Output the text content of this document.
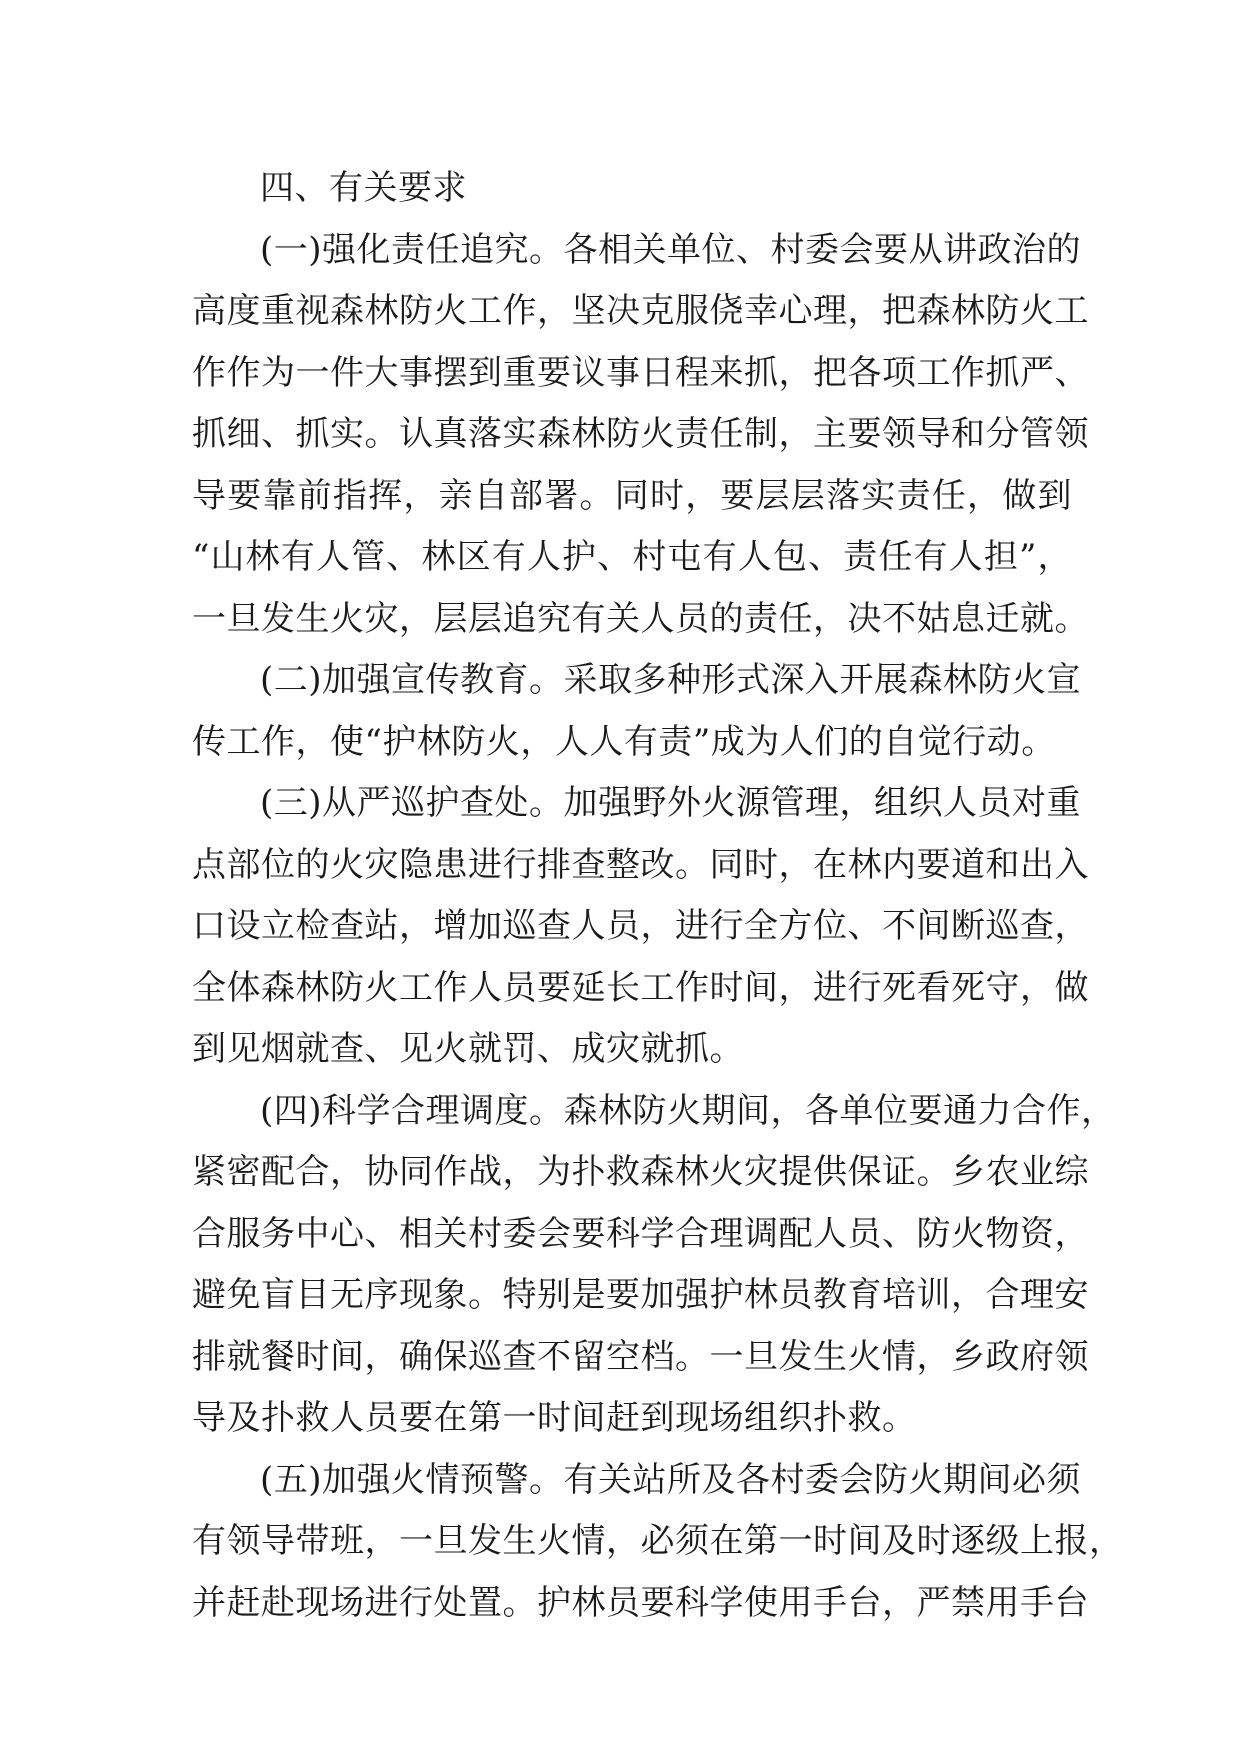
四、有关要求
(一)强化责任追究。各相关单位、村委会要从讲政治的
高度重视森林防火工作，坚决克服侥幸心理，把森林防火工
作作为一件大事摆到重要议事日程来抓，把各项工作抓严、
抓细、抓实。认真落实森林防火责任制，主要领导和分管领
导要靠前指挥，亲自部署。同时，要层层落实责任，做到
“山林有人管、林区有人护、村屯有人包、责任有人担”，
一旦发生火灾，层层追究有关人员的责任，决不姑息迁就。
(二)加强宣传教育。采取多种形式深入开展森林防火宣
传工作，使“护林防火，人人有责”成为人们的自觉行动。
(三)从严巡护查处。加强野外火源管理，组织人员对重
点部位的火灾隐患进行排查整改。同时，在林内要道和出入
口设立检查站，增加巡查人员，进行全方位、不间断巡查，
全体森林防火工作人员要延长工作时间，进行死看死守，做
到见烟就查、见火就罚、成灾就抓。
(四)科学合理调度。森林防火期间，各单位要通力合作，
紧密配合，协同作战，为扑救森林火灾提供保证。乡农业综
合服务中心、相关村委会要科学合理调配人员、防火物资，
避免盲目无序现象。特别是要加强护林员教育培训，合理安
排就餐时间，确保巡查不留空档。一旦发生火情，乡政府领
导及扑救人员要在第一时间赶到现场组织扑救。
(五)加强火情预警。有关站所及各村委会防火期间必须
有领导带班，一旦发生火情，必须在第一时间及时逐级上报，
并赶赴现场进行处置。护林员要科学使用手台，严禁用手台
